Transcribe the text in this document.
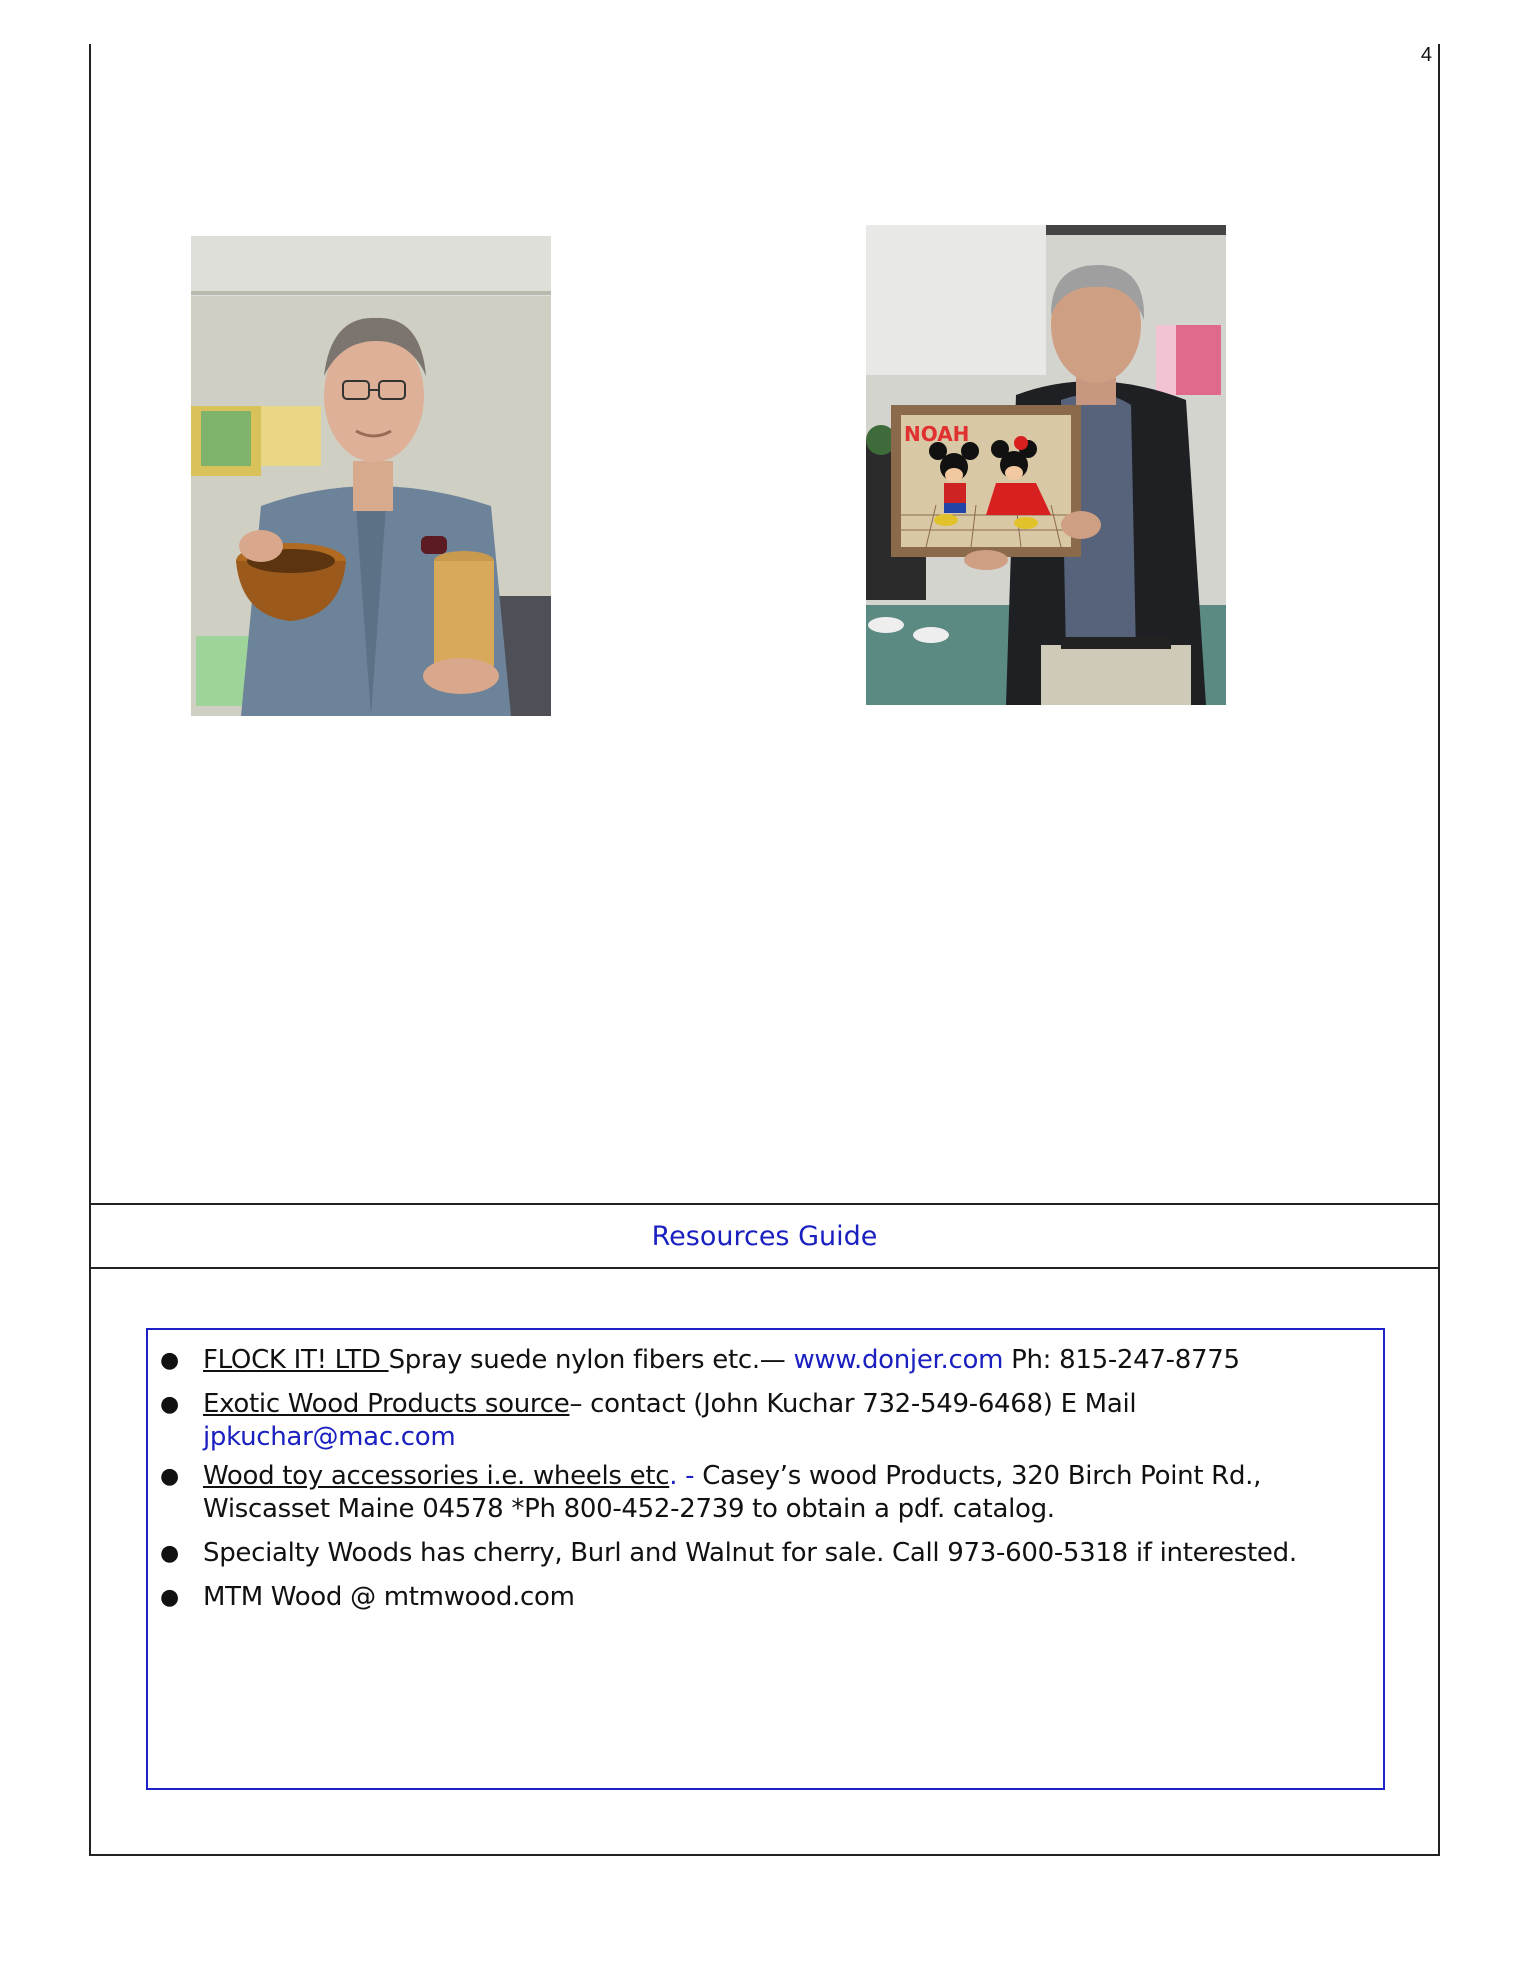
4
NOAH
Resources Guide
● FLOCK IT! LTD Spray suede nylon fibers etc.— www.donjer.com Ph: 815-247-8775
● Exotic Wood Products source– contact (John Kuchar 732-549-6468) E Mail jpkuchar@mac.com
● Wood toy accessories i.e. wheels etc. - Casey’s wood Products, 320 Birch Point Rd., Wiscasset Maine 04578 *Ph 800-452-2739 to obtain a pdf. catalog.
● Specialty Woods has cherry, Burl and Walnut for sale. Call 973-600-5318 if interested.
● MTM Wood @ mtmwood.com
